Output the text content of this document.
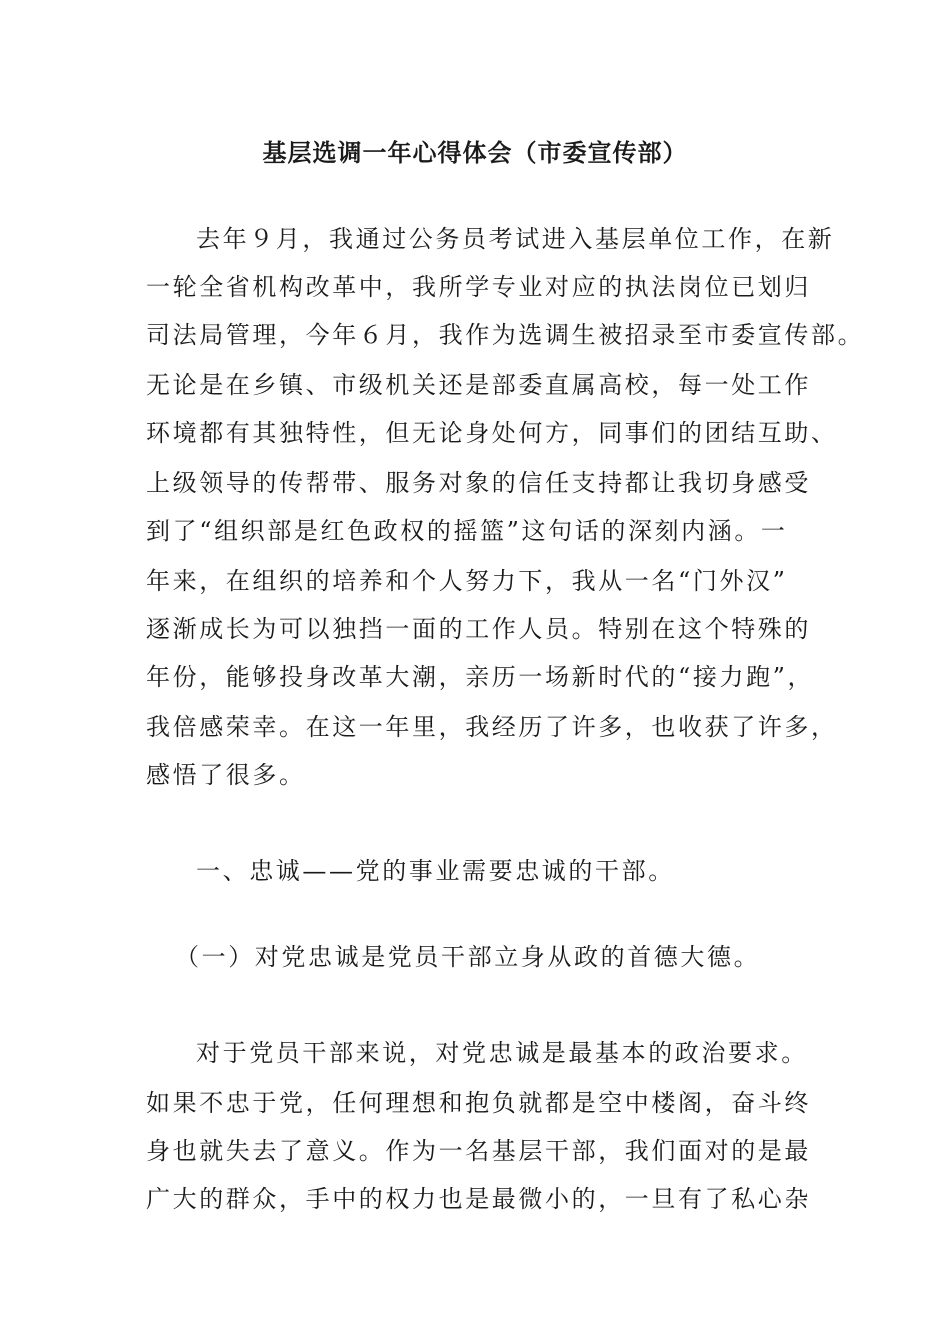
基层选调一年心得体会（市委宣传部）
去年９月，我通过公务员考试进入基层单位工作，在新
一轮全省机构改革中，我所学专业对应的执法岗位已划归
司法局管理，今年６月，我作为选调生被招录至市委宣传部。
无论是在乡镇、市级机关还是部委直属高校，每一处工作
环境都有其独特性，但无论身处何方，同事们的团结互助、
上级领导的传帮带、服务对象的信任支持都让我切身感受
到了“组织部是红色政权的摇篮”这句话的深刻内涵。一
年来，在组织的培养和个人努力下，我从一名“门外汉”
逐渐成长为可以独挡一面的工作人员。特别在这个特殊的
年份，能够投身改革大潮，亲历一场新时代的“接力跑”，
我倍感荣幸。在这一年里，我经历了许多，也收获了许多，
感悟了很多。
一、忠诚——党的事业需要忠诚的干部。
（一）对党忠诚是党员干部立身从政的首德大德。
对于党员干部来说，对党忠诚是最基本的政治要求。
如果不忠于党，任何理想和抱负就都是空中楼阁，奋斗终
身也就失去了意义。作为一名基层干部，我们面对的是最
广大的群众，手中的权力也是最微小的，一旦有了私心杂
